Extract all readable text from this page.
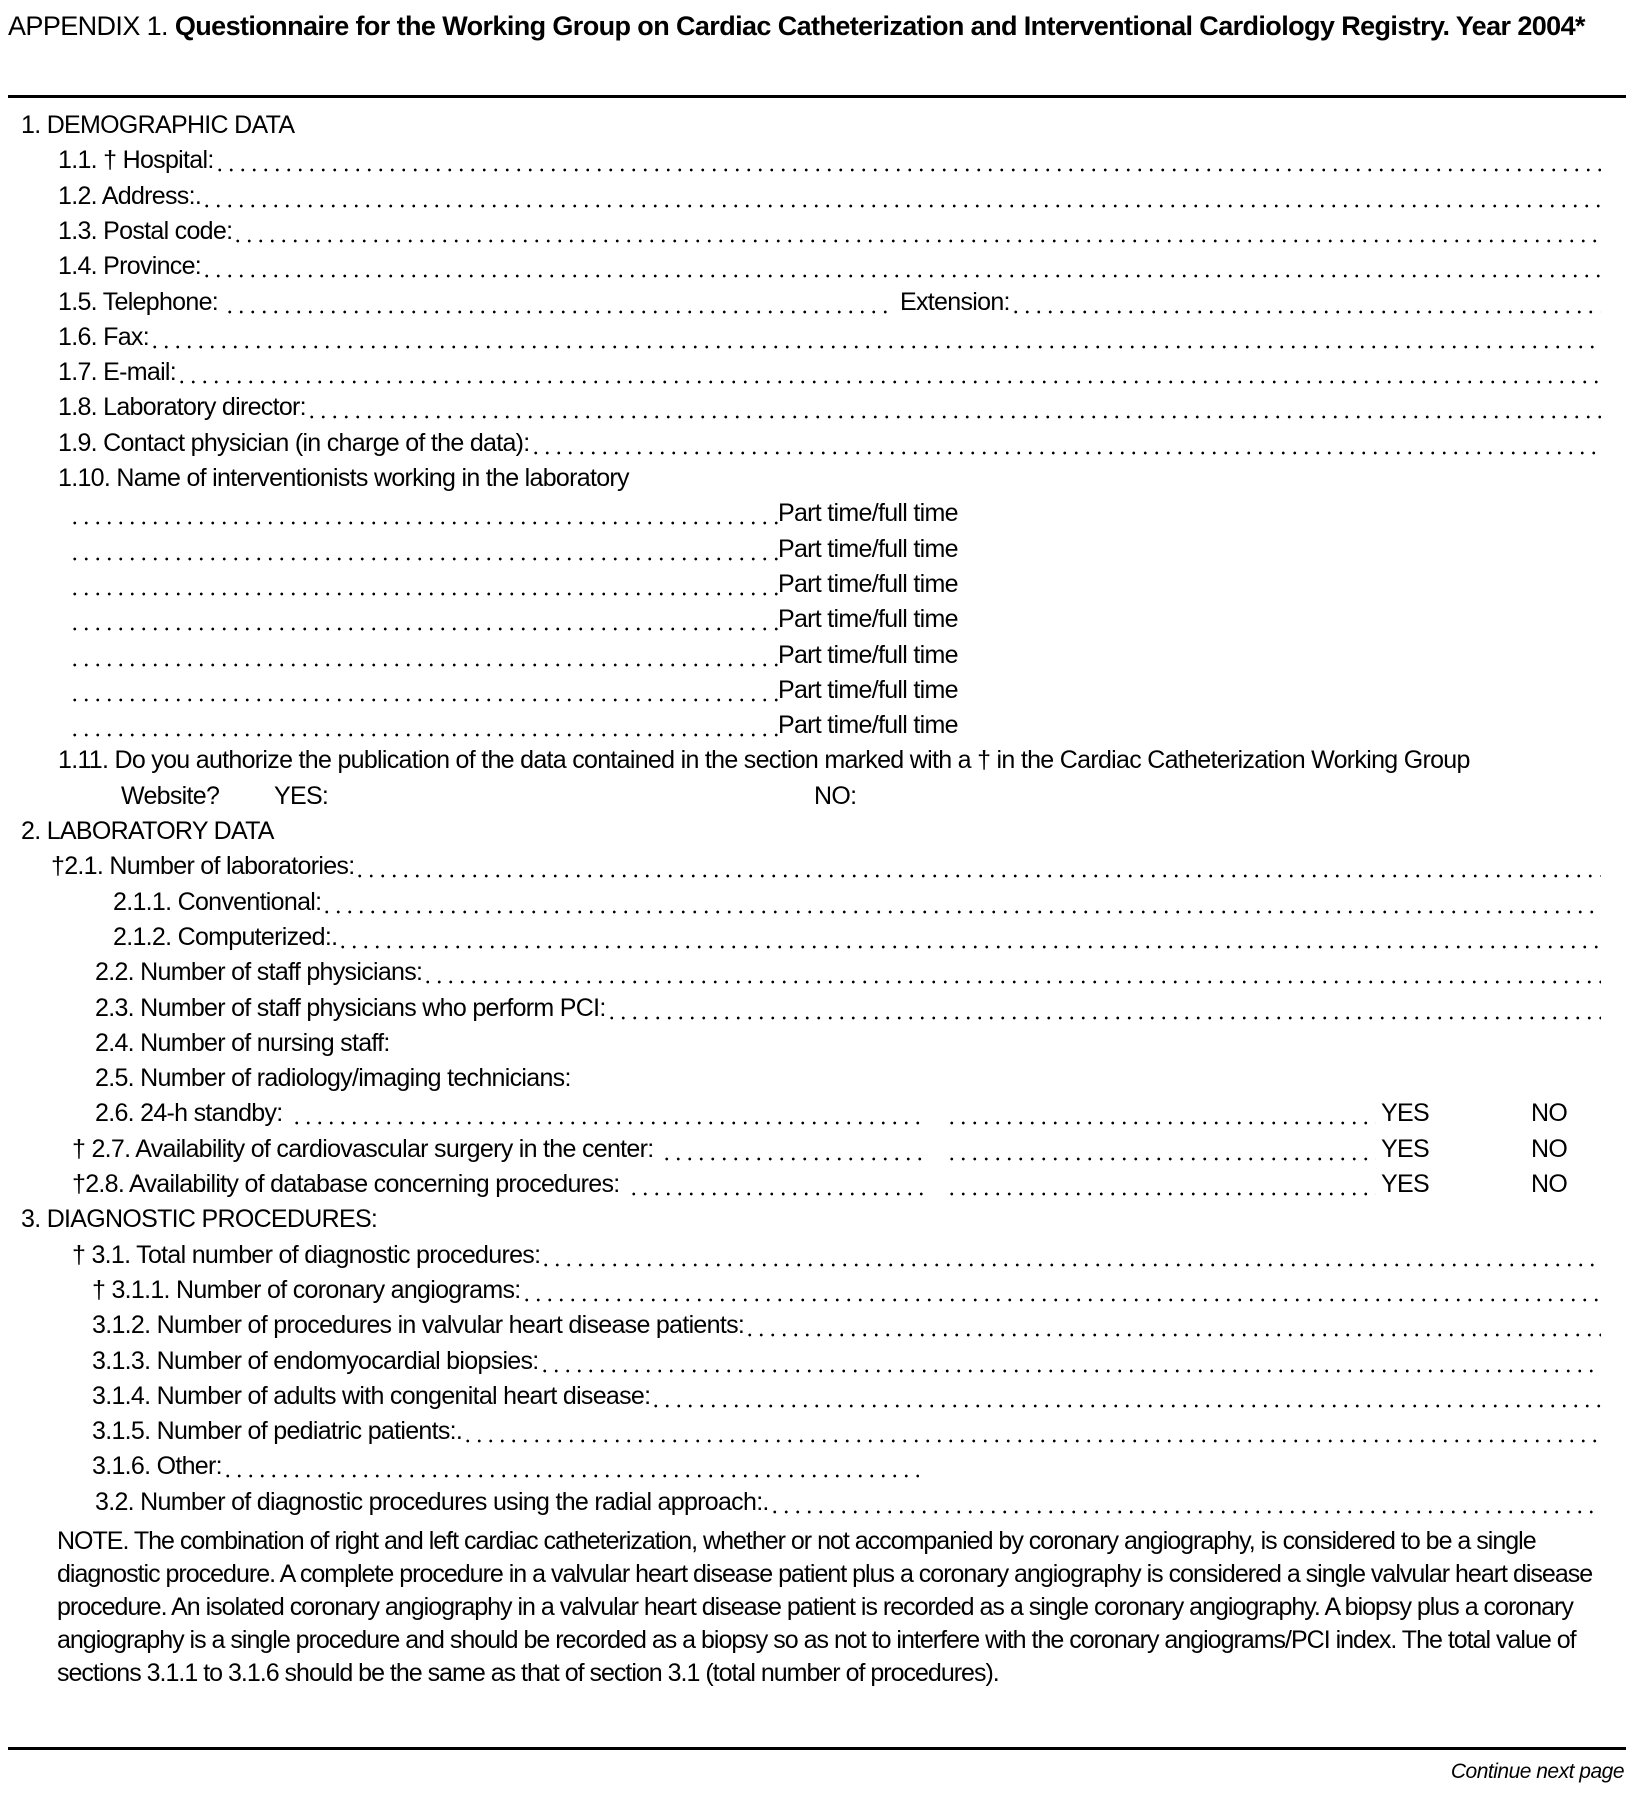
APPENDIX 1. Questionnaire for the Working Group on Cardiac Catheterization and Interventional Cardiology Registry. Year 2004*
1. DEMOGRAPHIC DATA
1.1. † Hospital:
1.2. Address:.
1.3. Postal code:
1.4. Province:
1.5. Telephone:	Extension:
1.6. Fax:
1.7. E-mail:
1.8. Laboratory director:
1.9. Contact physician (in charge of the data):
1.10. Name of interventionists working in the laboratory
Part time/full time
Part time/full time
Part time/full time
Part time/full time
Part time/full time
Part time/full time
Part time/full time
1.11. Do you authorize the publication of the data contained in the section marked with a † in the Cardiac Catheterization Working Group
Website? YES:	NO:
2. LABORATORY DATA
†2.1. Number of laboratories:
2.1.1. Conventional:
2.1.2. Computerized:.
2.2. Number of staff physicians:
2.3. Number of staff physicians who perform PCI:
2.4. Number of nursing staff:
2.5. Number of radiology/imaging technicians:
2.6. 24-h standby:	YES	NO
† 2.7. Availability of cardiovascular surgery in the center:	YES	NO
†2.8. Availability of database concerning procedures:	YES	NO
3. DIAGNOSTIC PROCEDURES:
† 3.1. Total number of diagnostic procedures:
† 3.1.1. Number of coronary angiograms:
3.1.2. Number of procedures in valvular heart disease patients:
3.1.3. Number of endomyocardial biopsies:
3.1.4. Number of adults with congenital heart disease:
3.1.5. Number of pediatric patients:.
3.1.6. Other:
3.2. Number of diagnostic procedures using the radial approach:.
NOTE. The combination of right and left cardiac catheterization, whether or not accompanied by coronary angiography, is considered to be a single diagnostic procedure. A complete procedure in a valvular heart disease patient plus a coronary angiography is considered a single valvular heart disease procedure. An isolated coronary angiography in a valvular heart disease patient is recorded as a single coronary angiography. A biopsy plus a coronary angiography is a single procedure and should be recorded as a biopsy so as not to interfere with the coronary angiograms/PCI index. The total value of sections 3.1.1 to 3.1.6 should be the same as that of section 3.1 (total number of procedures).
Continue next page
